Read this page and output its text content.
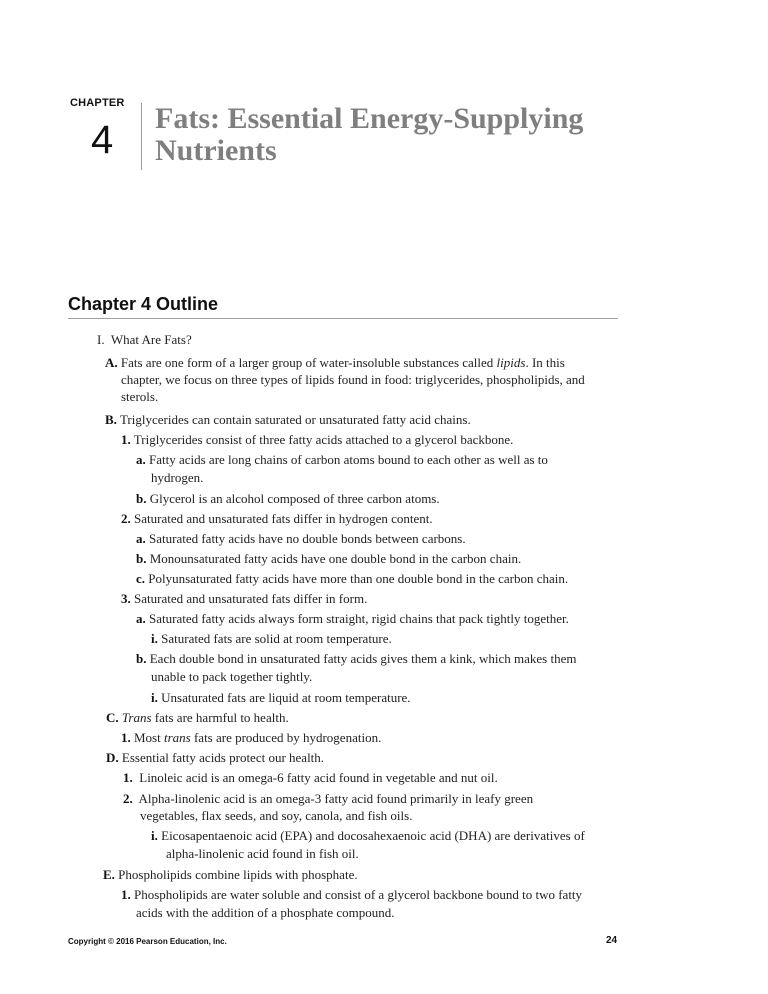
CHAPTER
4 Fats: Essential Energy-Supplying
Nutrients
Chapter 4 Outline
I. What Are Fats?
A. Fats are one form of a larger group of water-insoluble substances called lipids. In this
chapter, we focus on three types of lipids found in food: triglycerides, phospholipids, and
sterols.
B. Triglycerides can contain saturated or unsaturated fatty acid chains.
1. Triglycerides consist of three fatty acids attached to a glycerol backbone.
a. Fatty acids are long chains of carbon atoms bound to each other as well as to
hydrogen.
b. Glycerol is an alcohol composed of three carbon atoms.
2. Saturated and unsaturated fats differ in hydrogen content.
a. Saturated fatty acids have no double bonds between carbons.
b. Monounsaturated fatty acids have one double bond in the carbon chain.
c. Polyunsaturated fatty acids have more than one double bond in the carbon chain.
3. Saturated and unsaturated fats differ in form.
a. Saturated fatty acids always form straight, rigid chains that pack tightly together.
i. Saturated fats are solid at room temperature.
b. Each double bond in unsaturated fatty acids gives them a kink, which makes them
unable to pack together tightly.
i. Unsaturated fats are liquid at room temperature.
C. Trans fats are harmful to health.
1. Most trans fats are produced by hydrogenation.
D. Essential fatty acids protect our health.
1. Linoleic acid is an omega-6 fatty acid found in vegetable and nut oil.
2. Alpha-linolenic acid is an omega-3 fatty acid found primarily in leafy green
vegetables, flax seeds, and soy, canola, and fish oils.
i. Eicosapentaenoic acid (EPA) and docosahexaenoic acid (DHA) are derivatives of
alpha-linolenic acid found in fish oil.
E. Phospholipids combine lipids with phosphate.
1. Phospholipids are water soluble and consist of a glycerol backbone bound to two fatty
acids with the addition of a phosphate compound.
Copyright © 2016 Pearson Education, Inc.	24
